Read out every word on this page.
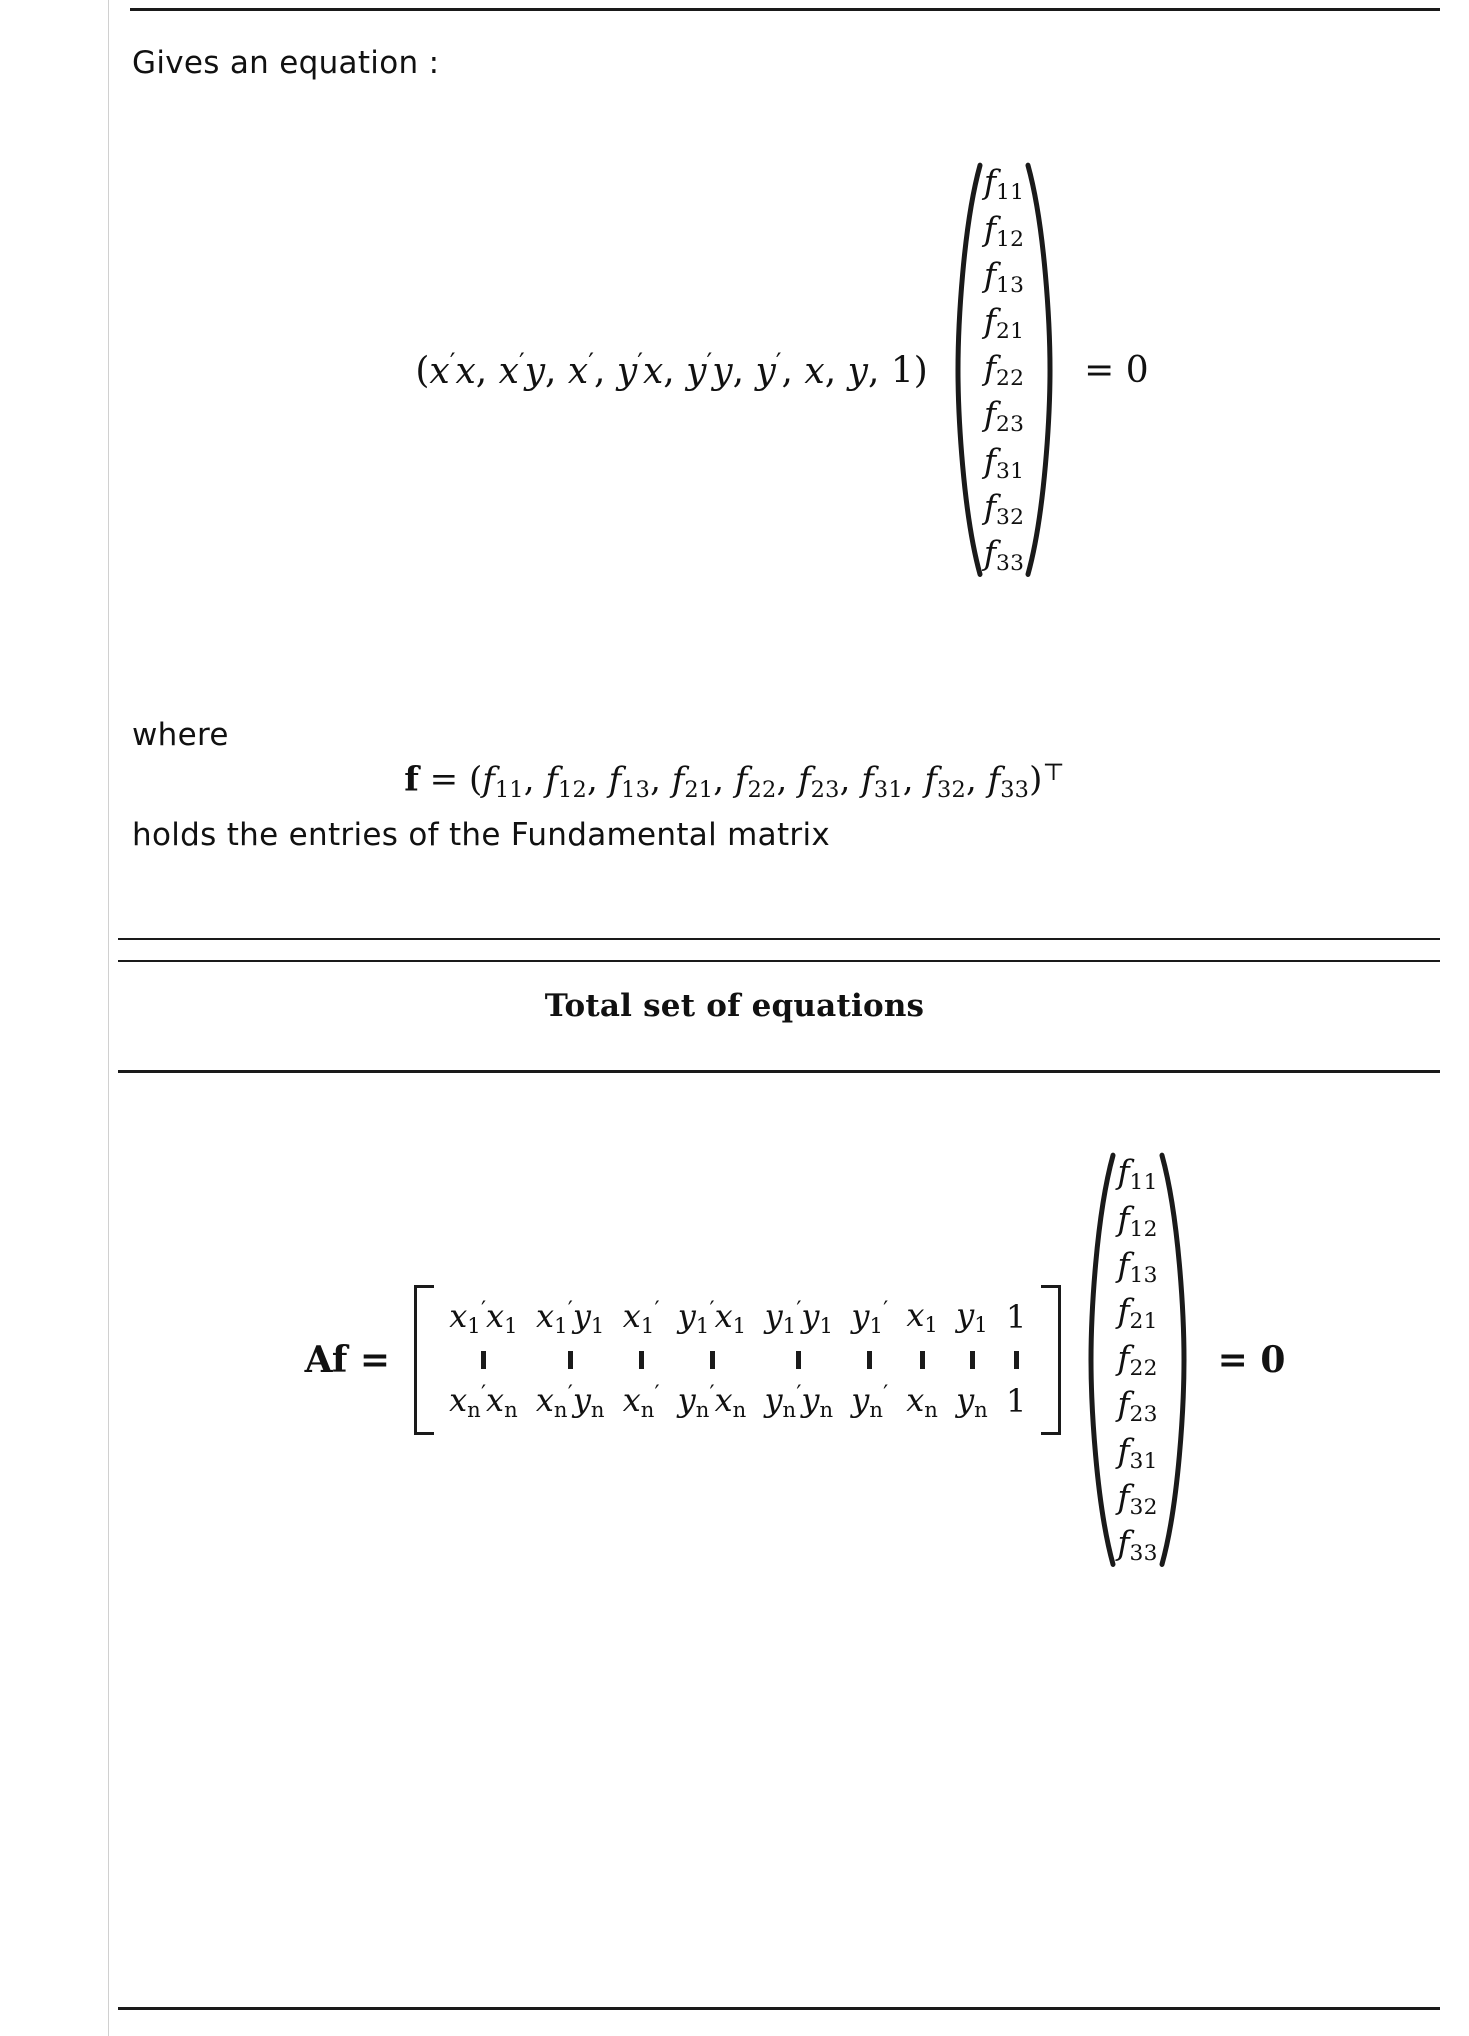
Gives an equation :
(x′x, x′y, x′, y′x, y′y, y′, x, y, 1)
$f_{11}$
$f_{12}$
$f_{13}$
$f_{21}$
$f_{22}$
$f_{23}$
$f_{31}$
$f_{32}$
$f_{33}$
= 0
where
$f = (f_{11}$, $f_{12}$, $f_{13}$, $f_{21}$, $f_{22}$, $f_{23}$, $f_{31}$, $f_{32}$, $f_{33})^⊤$
holds the entries of the Fundamental matrix
Total set of equations
Af =
$x_1'x_1$	$x_1'y_1$	$x_1'$	$y_1'x_1$	$y_1'y_1$	$y_1'$	$x_1$	$y_1$	1

$x_n'x_n$	$x_n'y_n$	$x_n'$	$y_n'x_n$	$y_n'y_n$	$y_n'$	$x_n$	$y_n$	1
$f_{11}$
$f_{12}$
$f_{13}$
$f_{21}$
$f_{22}$
$f_{23}$
$f_{31}$
$f_{32}$
$f_{33}$
= 0
